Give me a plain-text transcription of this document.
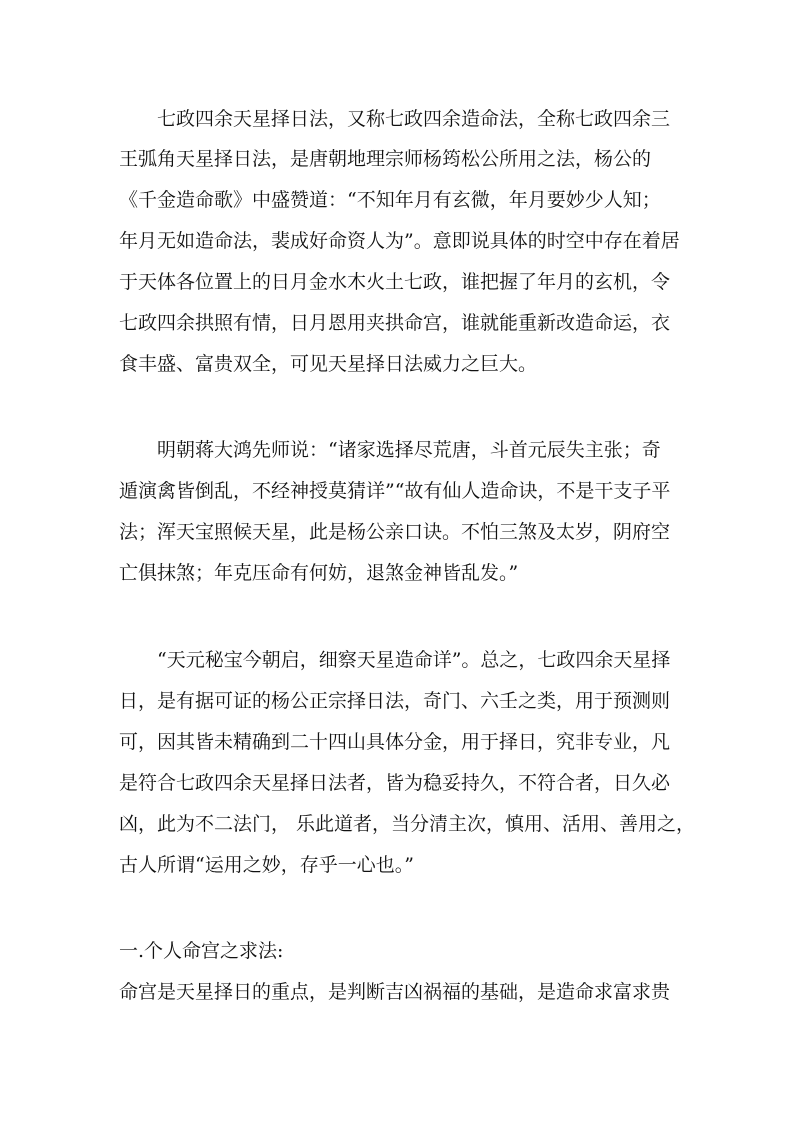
七政四余天星择日法，又称七政四余造命法，全称七政四余三
王弧角天星择日法，是唐朝地理宗师杨筠松公所用之法，杨公的
《千金造命歌》中盛赞道：“不知年月有玄微，年月要妙少人知；
年月无如造命法，裴成好命资人为”。意即说具体的时空中存在着居
于天体各位置上的日月金水木火土七政，谁把握了年月的玄机，令
七政四余拱照有情，日月恩用夹拱命宫，谁就能重新改造命运，衣
食丰盛、富贵双全，可见天星择日法威力之巨大。
明朝蒋大鸿先师说：“诸家选择尽荒唐，斗首元辰失主张；奇
遁演禽皆倒乱，不经神授莫猜详”“故有仙人造命诀，不是干支子平
法；浑天宝照候天星，此是杨公亲口诀。不怕三煞及太岁，阴府空
亡俱抹煞；年克压命有何妨，退煞金神皆乱发。”
“天元秘宝今朝启，细察天星造命详”。总之，七政四余天星择
日，是有据可证的杨公正宗择日法，奇门、六壬之类，用于预测则
可，因其皆未精确到二十四山具体分金，用于择日，究非专业，凡
是符合七政四余天星择日法者，皆为稳妥持久，不符合者，日久必
凶，此为不二法门， 乐此道者，当分清主次，慎用、活用、善用之，
古人所谓“运用之妙，存乎一心也。”
一.个人命宫之求法:
命宫是天星择日的重点，是判断吉凶祸福的基础，是造命求富求贵
